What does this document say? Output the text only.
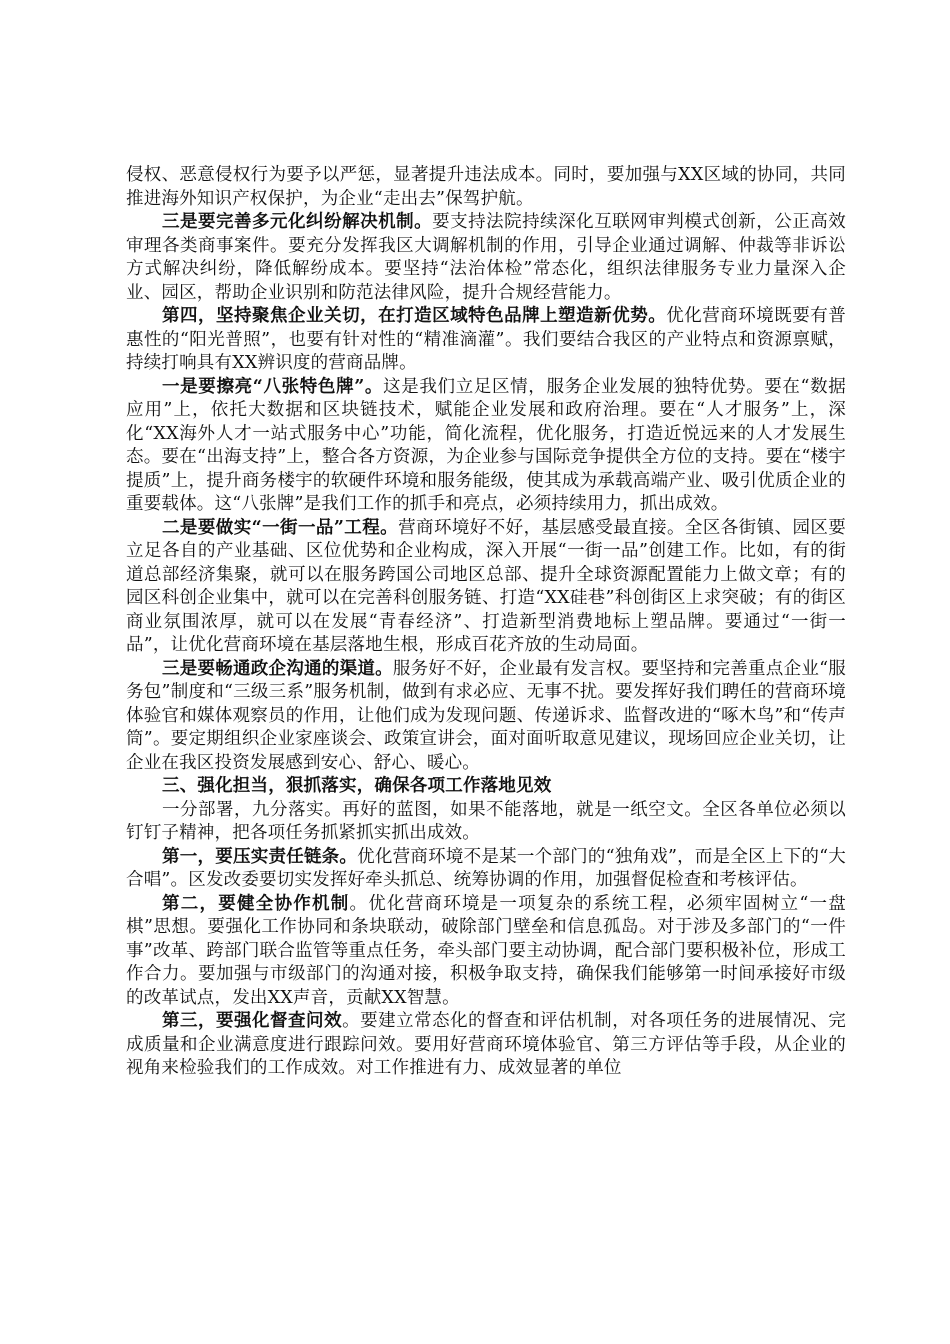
侵权、恶意侵权行为要予以严惩，显著提升违法成本。同时，要加强与XX区域的协同，共同推进海外知识产权保护，为企业“走出去”保驾护航。

三是要完善多元化纠纷解决机制。要支持法院持续深化互联网审判模式创新，公正高效审理各类商事案件。要充分发挥我区大调解机制的作用，引导企业通过调解、仲裁等非诉讼方式解决纠纷，降低解纷成本。要坚持“法治体检”常态化，组织法律服务专业力量深入企业、园区，帮助企业识别和防范法律风险，提升合规经营能力。

第四，坚持聚焦企业关切，在打造区域特色品牌上塑造新优势。优化营商环境既要有普惠性的“阳光普照”，也要有针对性的“精准滴灌”。我们要结合我区的产业特点和资源禀赋，持续打响具有XX辨识度的营商品牌。

一是要擦亮“八张特色牌”。这是我们立足区情，服务企业发展的独特优势。要在“数据应用”上，依托大数据和区块链技术，赋能企业发展和政府治理。要在“人才服务”上，深化“XX海外人才一站式服务中心”功能，简化流程，优化服务，打造近悦远来的人才发展生态。要在“出海支持”上，整合各方资源，为企业参与国际竞争提供全方位的支持。要在“楼宇提质”上，提升商务楼宇的软硬件环境和服务能级，使其成为承载高端产业、吸引优质企业的重要载体。这“八张牌”是我们工作的抓手和亮点，必须持续用力，抓出成效。

二是要做实“一街一品”工程。营商环境好不好，基层感受最直接。全区各街镇、园区要立足各自的产业基础、区位优势和企业构成，深入开展“一街一品”创建工作。比如，有的街道总部经济集聚，就可以在服务跨国公司地区总部、提升全球资源配置能力上做文章；有的园区科创企业集中，就可以在完善科创服务链、打造“XX硅巷”科创街区上求突破；有的街区商业氛围浓厚，就可以在发展“青春经济”、打造新型消费地标上塑品牌。要通过“一街一品”，让优化营商环境在基层落地生根，形成百花齐放的生动局面。

三是要畅通政企沟通的渠道。服务好不好，企业最有发言权。要坚持和完善重点企业“服务包”制度和“三级三系”服务机制，做到有求必应、无事不扰。要发挥好我们聘任的营商环境体验官和媒体观察员的作用，让他们成为发现问题、传递诉求、监督改进的“啄木鸟”和“传声筒”。要定期组织企业家座谈会、政策宣讲会，面对面听取意见建议，现场回应企业关切，让企业在我区投资发展感到安心、舒心、暖心。

三、强化担当，狠抓落实，确保各项工作落地见效

一分部署，九分落实。再好的蓝图，如果不能落地，就是一纸空文。全区各单位必须以钉钉子精神，把各项任务抓紧抓实抓出成效。

第一，要压实责任链条。优化营商环境不是某一个部门的“独角戏”，而是全区上下的“大合唱”。区发改委要切实发挥好牵头抓总、统筹协调的作用，加强督促检查和考核评估。

第二，要健全协作机制。优化营商环境是一项复杂的系统工程，必须牢固树立“一盘棋”思想。要强化工作协同和条块联动，破除部门壁垒和信息孤岛。对于涉及多部门的“一件事”改革、跨部门联合监管等重点任务，牵头部门要主动协调，配合部门要积极补位，形成工作合力。要加强与市级部门的沟通对接，积极争取支持，确保我们能够第一时间承接好市级的改革试点，发出XX声音，贡献XX智慧。

第三，要强化督查问效。要建立常态化的督查和评估机制，对各项任务的进展情况、完成质量和企业满意度进行跟踪问效。要用好营商环境体验官、第三方评估等手段，从企业的视角来检验我们的工作成效。对工作推进有力、成效显著的单位
